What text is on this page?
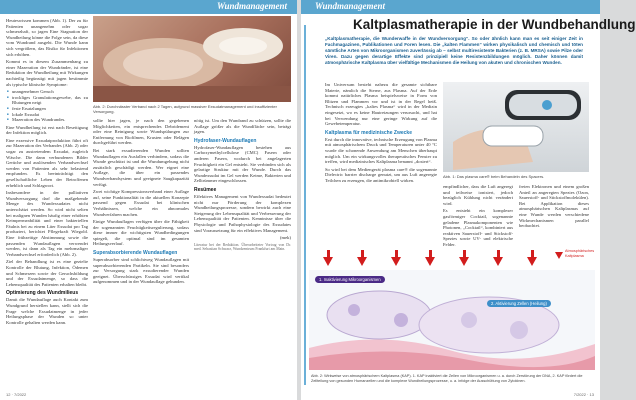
Wundmanagement

Heuteswissen kommen (Abb. 1). Der zu für Patienten unangenehm oder sogar schmerzhaft, so jagen Eine Stagnation der Wundheilung könne die Folge sein, da diese vom Wundrand ausgeht. Die Wunde kann sich vergrößern, das Risiko für Infektionen sich erhöhen.

Kommt es in diesem Zusammenhang zu einer Mazeration der Wundränder, ist eine Reduktion der Wundheilung mit Wirkungen nachteilig begünstigt mit jagen bestimmte als typische klinische Symptome:

■ unangenehmer Geruch
■ trockliges Granulationsgewebe, das zu Blutungen neigt
■ feste Ersatzlungen
■ lokale Exsudat
■ Mazeration des Wundrandes.

Eine Wundheilung ist erst nach Beseitigung der Infektion möglich.

Eine exzessive Exsudatproduktion führt oft zur Mazeration des Verbandes (Abb. 2) oder sogar zu austretendem Exsudat, zugleich Wäsche. Die dann verbundenen Bilder Gerüche und auslösenden Verbandwechsel werden von Patienten als sehr belastend empfunden. Es beeinträchtigt den gesellschaftliche Leben der Betroffenen erheblich und Schlagwort.

Insbesondere in der palliativen Wundversorgung darf die maßgebende Menge des Wundexsudates nicht unterschätzt werden. So wird nicht selten bei malignen Wunden häufig einer erhöhten Keimpermeabilität und einer bakteriellen Fäulnis bei zu einem Liter Exsudat pro Tag produziert, berichtet Pflegekraft Wiegold. Eine frühzeitige Abstimmung sowie die passenden Wundauflagen verwendet werden, ist dann als Tag ein mehrmaliger Verbandwechsel erforderlich (Abb. 2).

Ziel der Behandlung ist es eine gezielte Kontrolle der Blutung, Infektion, Ödemen und Schmerzen sowie der Geruchsbildung und der Exsudatmenge, so dass die Lebensqualität des Patienten erhalten bleibt.

Optimierung des Wundmilieus

Damit die Wundauflage auch Kontakt zum Wundgrund herstellen kann, stellt sich die Frage welche Exsudatmenge in jeder Heilungsphase der Wunden so unter Kontrolle gehalten werden kann.

Abb. 2: Durchnässter Verband nach 2 Tagen, aufgrund massiver Exsudatmanagement und insuffizienter Versorgung.

sollte hier jagen, je nach den gegebenen Möglichkeiten, ein entsprechendes Debridement oder eine Reinigung sowie Wundspülungen zur Entfernung von Biofilmen, Krusten oder Belägen durchgeführt werden.

Bei stark exsudierenden Wunden sollten Wundauflagen ein Ausfallen verhindern, sodass die Wunde geschützt ist und die Wundumgebung nicht zusätzlich geschädigt werden. Wer eignet eine Auflage, die über ein passendes Wundverbandsystem und geeignete Saugkapazität verfügt.

Zwei wichtige Kompressionsverband einer Auflage auf, seine Funktionalität in die aktuellen Konzepte passend gegen Exsudat bei klinischen Verhältnissen, welche ein abnormales Wundverfahren machen.

Einige Wundauflagen verfügen über die Fähigkeit der sogenannten Feuchtigkeitsregulierung, sodass diese immer die wichtigsten Wundbedingungen spiegelt, die optimal sind im gesamten Heilungsverlauf.

Superabsorbierende Wundauflagen

Superabsorber sind schlichtweg Wundauflagen mit superabsorbierenden Partikeln. Sie sind besonders zur Versorgung stark exsudierender Wunden geeignet. Überschüssiges Exsudat wird vertikal aufgenommen und in der Wundauflage gebunden.

nötig ist. Um den Wundrand zu schützen, sollte die Auflage größer als die Wundfläche sein, beträgt jagen.

Hydrofaser-Wundauflagen

Hydrofaser-Wundauflagen bestehen aus Carboxymethylcellulose (CMC) Fasern oder anderen Fasern, wodurch bei angelagerten Feuchtigkeit ein Gel entsteht. Sie verbinden sich als gelartige Struktur mit der Wunde. Durch das Wundexsudat im Gel werden Keime, Bakterien und Zelltrümmer eingeschlossen.

Resümee

Effektives Management von Wundexsudat bedeutet nicht nur Förderung der komplexen Wundheilungsprozesse, sondern bewirkt auch eine Steigerung der Lebensqualität und Verbesserung der Lebensqualität der Patienten. Kenntnisse über die Physiologie und Pathophysiologie des Exsudates sind Voraussetzung für ein effektives Management.

(mek)

Literatur bei der Redaktion. Überarbeiteter Vortrag von Dr. med. Sebastian Schwarz, Wundzentrum Frankfurt am Main.

12 · 7/2022
Wundmanagement
Kaltplasmatherapie in der Wundbehandlung
„Kaltplasmatherapie, die Wunderwaffe in der Wundversorgung“. So oder ähnlich kann man es seit einiger Zeit in Fachmagazinen, Publikationen und Foren lesen. Die „kalten Flammen“ wirken physikalisch und chemisch und töten sämtliche Arten von Mikroorganismen zuverlässig ab – selbst multiresistente Bakterien (z. B. MRSA) sowie Pilze oder Viren. Dazu gegen derartige Effekte sind prinzipiell keine Resistenzbildungen möglich. Daher können damit atmosphärische Kaltplasma über vielfältige Mechanismen die Heilung von akuten und chronischen Wunden.

Im Universum besteht nahezu die gesamte sichtbare Materie, nämlich die Sterne, aus Plasma. Auf der Erde kommt natürliches Plasma beispielsweise in Form von Blitzen und Flammen vor und ist in der Regel heiß. Technisch erzeugtes „kaltes Plasma“ wird in der Medizin eingesetzt, wo es keine Hautreizungen verursacht, und hat bei Verwendung nur eine geringe Wirkung auf die Gewebetemperatur.

Kaltplasma für medizinische Zwecke

Erst durch die innovative, technische Erzeugung von Plasma mit atmosphärischem Druck und Temperaturen unter 40 °C wurde die schonende Anwendung am Menschen überhaupt möglich. Um ein wirkungsvolles therapeutisches Fenster zu treffen, wird medizinisches Kaltplasma benannt „dosiert“.

So wird bei dem Mediengerät plasma care® die sogenannte Dielectric barrier discharge genutzt, um aus Luft angeregte Teilchen zu erzeugen, die antimikrobiell wirken.

Abb. 1: Das plasma care® beim Behandeln des Spacers.

empfindlicher, dass die Luft angeregt und teilweise ionisiert, jedoch bezüglich Kühlung nicht verändert wird.

Es entsteht ein komplexer gasförmiger Cocktail, sogenannte geladene Plasmakomponenten wie Photonen, „Cocktail“, kombiniert aus reaktiven Sauerstoff- und Stickstoff-Spezies sowie UV- und elektrische Felder.

freien Elektronen und einem großen Anteil an angeregten Spezies (Ozon, Sauerstoff- und Stickstoffmolekülen). Bei Applikation dieses atmosphärischen Kaltplasmas auf eine Wunde werden verschiedene Wirkmechanismen parallel beobachtet.

Atmosphärisches Kaltplasma
1. Inaktivierung Mikroorganismen
2. Aktivierung Zellen (Heilung)
Abb. 2: Wirkweise von atmosphärischem Kaltplasma (KAP). 1. KAP inaktiviert die Zellen von Mikroorganismen u. a. durch Zerstörung der DNA, 2. KAP fördert die Zellteilung von gesunden Humanzellen und die komplexe Wundheilungsprozesse, u. a. infolge der Ausschüttung von Zytokinen.
7/2022 · 13
